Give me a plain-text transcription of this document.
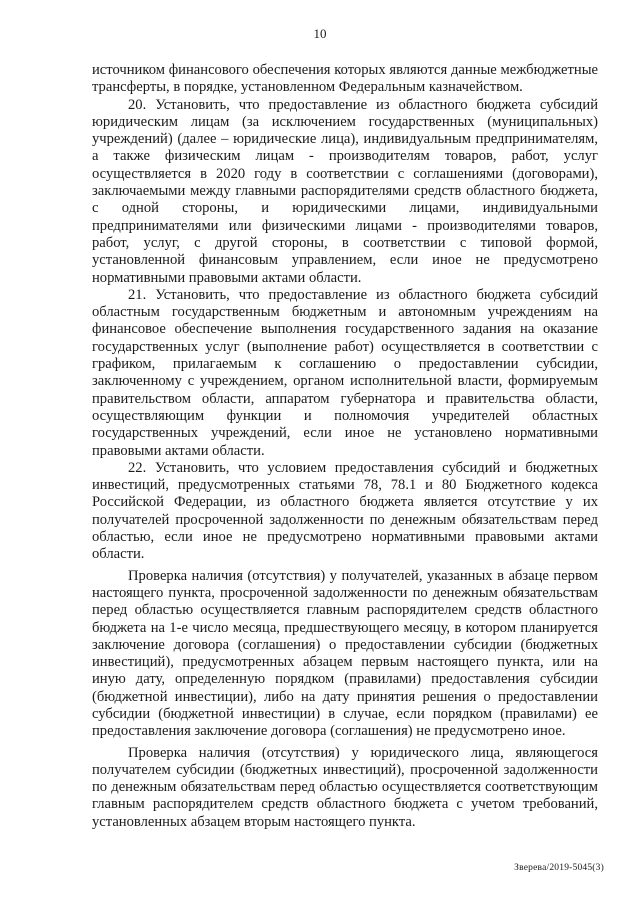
10

источником финансового обеспечения которых являются данные межбюджетные трансферты, в порядке, установленном Федеральным казначейством.

20. Установить, что предоставление из областного бюджета субсидий юридическим лицам (за исключением государственных (муниципальных) учреждений) (далее – юридические лица), индивидуальным предпринимателям, а также физическим лицам - производителям товаров, работ, услуг осуществляется в 2020 году в соответствии с соглашениями (договорами), заключаемыми между главными распорядителями средств областного бюджета, с одной стороны, и юридическими лицами, индивидуальными предпринимателями или физическими лицами - производителями товаров, работ, услуг, с другой стороны, в соответствии с типовой формой, установленной финансовым управлением, если иное не предусмотрено нормативными правовыми актами области.

21. Установить, что предоставление из областного бюджета субсидий областным государственным бюджетным и автономным учреждениям на финансовое обеспечение выполнения государственного задания на оказание государственных услуг (выполнение работ) осуществляется в соответствии с графиком, прилагаемым к соглашению о предоставлении субсидии, заключенному с учреждением, органом исполнительной власти, формируемым правительством области, аппаратом губернатора и правительства области, осуществляющим функции и полномочия учредителей областных государственных учреждений, если иное не установлено нормативными правовыми актами области.

22. Установить, что условием предоставления субсидий и бюджетных инвестиций, предусмотренных статьями 78, 78.1 и 80 Бюджетного кодекса Российской Федерации, из областного бюджета является отсутствие у их получателей просроченной задолженности по денежным обязательствам перед областью, если иное не предусмотрено нормативными правовыми актами области.

Проверка наличия (отсутствия) у получателей, указанных в абзаце первом настоящего пункта, просроченной задолженности по денежным обязательствам перед областью осуществляется главным распорядителем средств областного бюджета на 1-е число месяца, предшествующего месяцу, в котором планируется заключение договора (соглашения) о предоставлении субсидии (бюджетных инвестиций), предусмотренных абзацем первым настоящего пункта, или на иную дату, определенную порядком (правилами) предоставления субсидии (бюджетной инвестиции), либо на дату принятия решения о предоставлении субсидии (бюджетной инвестиции) в случае, если порядком (правилами) ее предоставления заключение договора (соглашения) не предусмотрено иное.

Проверка наличия (отсутствия) у юридического лица, являющегося получателем субсидии (бюджетных инвестиций), просроченной задолженности по денежным обязательствам перед областью осуществляется соответствующим главным распорядителем средств областного бюджета с учетом требований, установленных абзацем вторым настоящего пункта.

Зверева/2019-5045(3)
